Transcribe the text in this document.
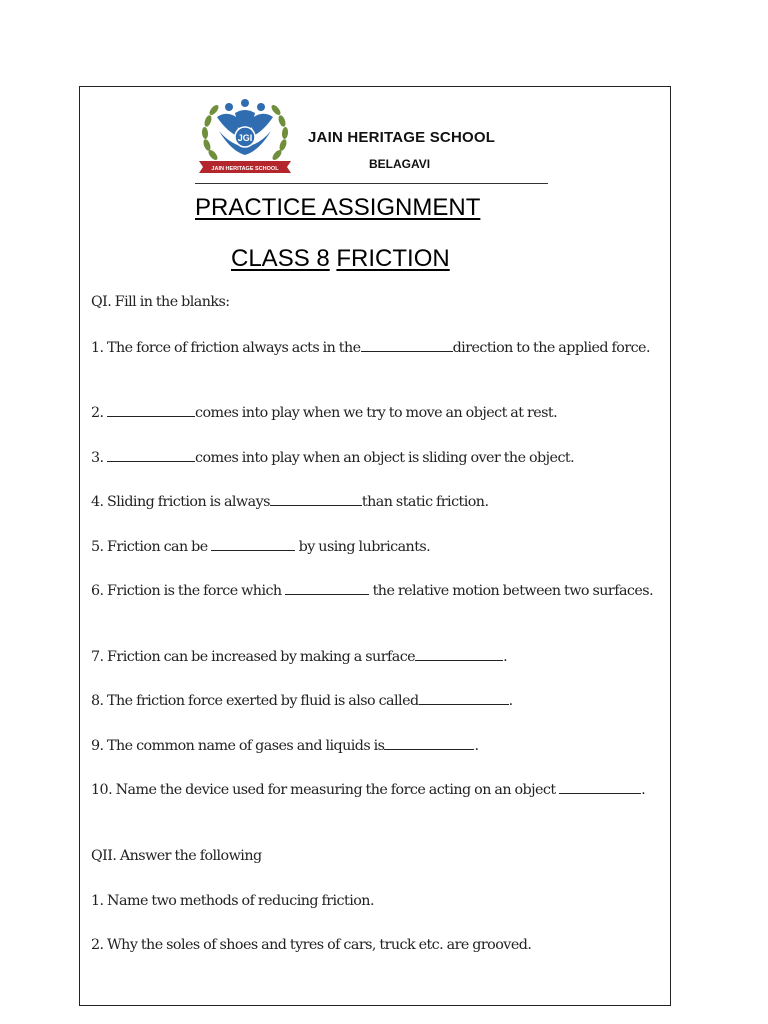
JGI
JAIN HERITAGE SCHOOL
JAIN HERITAGE SCHOOL
BELAGAVI
PRACTICE ASSIGNMENT
CLASS 8 FRICTION
QI. Fill in the blanks:
1. The force of friction always acts in the	direction to the applied force.
2.	comes into play when we try to move an object at rest.
3.	comes into play when an object is sliding over the object.
4. Sliding friction is always	than static friction.
5. Friction can be	by using lubricants.
6. Friction is the force which	the relative motion between two surfaces.
7. Friction can be increased by making a surface	.
8. The friction force exerted by fluid is also called	.
9. The common name of gases and liquids is	.
10. Name the device used for measuring the force acting on an object	.
QII. Answer the following
1. Name two methods of reducing friction.
2. Why the soles of shoes and tyres of cars, truck etc. are grooved.
